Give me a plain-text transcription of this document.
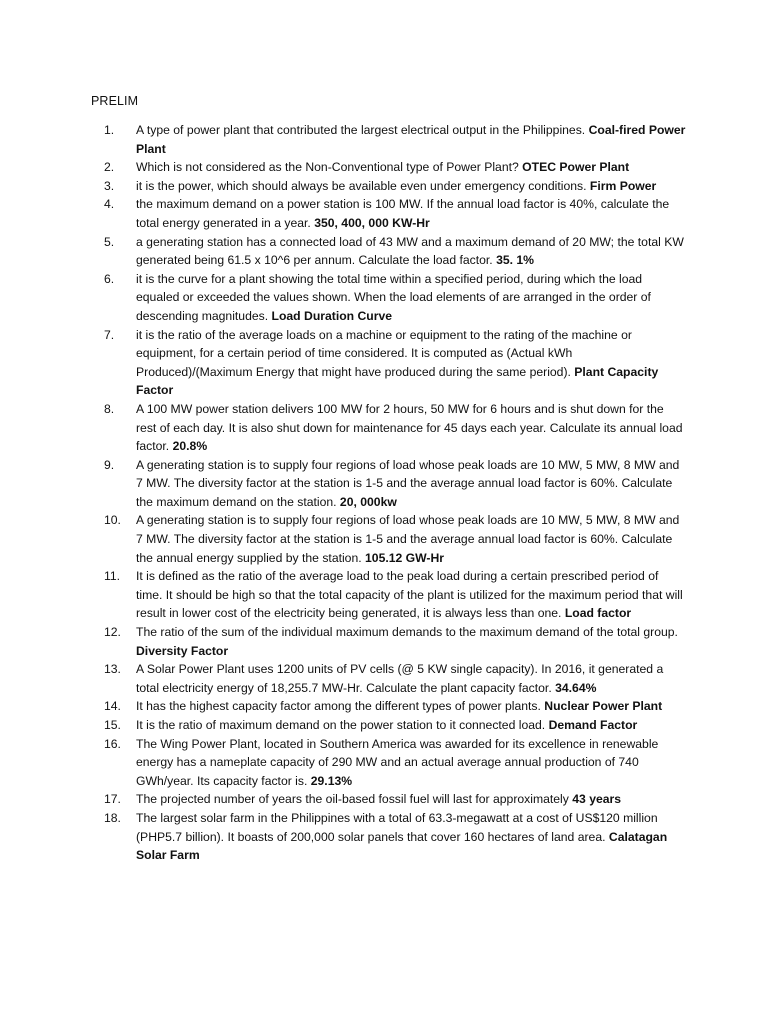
PRELIM
1.	A type of power plant that contributed the largest electrical output in the Philippines. Coal-fired Power Plant
2.	Which is not considered as the Non-Conventional type of Power Plant? OTEC Power Plant
3.	it is the power, which should always be available even under emergency conditions. Firm Power
4.	the maximum demand on a power station is 100 MW. If the annual load factor is 40%, calculate the total energy generated in a year. 350, 400, 000 KW-Hr
5.	a generating station has a connected load of 43 MW and a maximum demand of 20 MW; the total KW generated being 61.5 x 10^6 per annum. Calculate the load factor. 35. 1%
6.	it is the curve for a plant showing the total time within a specified period, during which the load equaled or exceeded the values shown. When the load elements of are arranged in the order of descending magnitudes. Load Duration Curve
7.	it is the ratio of the average loads on a machine or equipment to the rating of the machine or equipment, for a certain period of time considered. It is computed as (Actual kWh Produced)/(Maximum Energy that might have produced during the same period). Plant Capacity Factor
8.	A 100 MW power station delivers 100 MW for 2 hours, 50 MW for 6 hours and is shut down for the rest of each day. It is also shut down for maintenance for 45 days each year. Calculate its annual load factor. 20.8%
9.	A generating station is to supply four regions of load whose peak loads are 10 MW, 5 MW, 8 MW and 7 MW. The diversity factor at the station is 1-5 and the average annual load factor is 60%. Calculate the maximum demand on the station. 20, 000kw
10.	A generating station is to supply four regions of load whose peak loads are 10 MW, 5 MW, 8 MW and 7 MW. The diversity factor at the station is 1-5 and the average annual load factor is 60%. Calculate the annual energy supplied by the station. 105.12 GW-Hr
11.	It is defined as the ratio of the average load to the peak load during a certain prescribed period of time. It should be high so that the total capacity of the plant is utilized for the maximum period that will result in lower cost of the electricity being generated, it is always less than one. Load factor
12.	The ratio of the sum of the individual maximum demands to the maximum demand of the total group. Diversity Factor
13.	A Solar Power Plant uses 1200 units of PV cells (@ 5 KW single capacity). In 2016, it generated a total electricity energy of 18,255.7 MW-Hr. Calculate the plant capacity factor. 34.64%
14.	It has the highest capacity factor among the different types of power plants. Nuclear Power Plant
15.	It is the ratio of maximum demand on the power station to it connected load. Demand Factor
16.	The Wing Power Plant, located in Southern America was awarded for its excellence in renewable energy has a nameplate capacity of 290 MW and an actual average annual production of 740 GWh/year. Its capacity factor is. 29.13%
17.	The projected number of years the oil-based fossil fuel will last for approximately 43 years
18.	The largest solar farm in the Philippines with a total of 63.3-megawatt at a cost of US$120 million (PHP5.7 billion). It boasts of 200,000 solar panels that cover 160 hectares of land area. Calatagan Solar Farm
